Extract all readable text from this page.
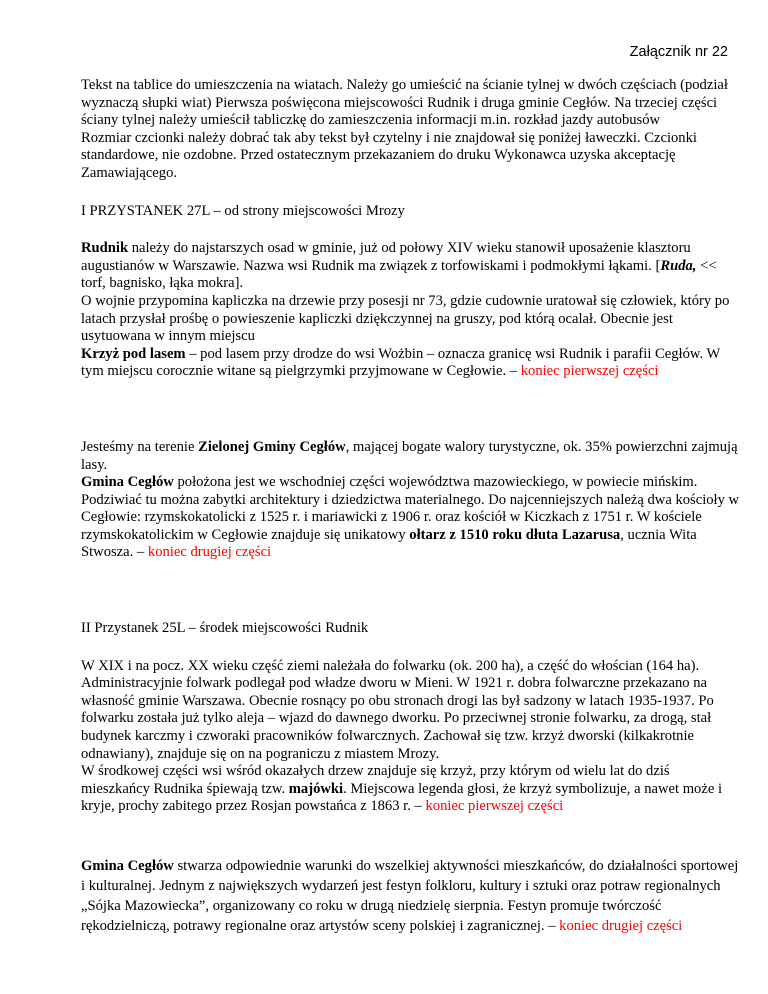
Załącznik nr 22

Tekst na tablice do umieszczenia na wiatach. Należy go umieścić na ścianie tylnej w dwóch częściach (podział wyznaczą słupki wiat) Pierwsza poświęcona miejscowości Rudnik i druga gminie Cegłów. Na trzeciej części ściany tylnej należy umieścił tabliczkę do zamieszczenia informacji m.in. rozkład jazdy autobusów

Rozmiar czcionki należy dobrać tak aby tekst był czytelny i nie znajdował się poniżej ławeczki. Czcionki standardowe, nie ozdobne. Przed ostatecznym przekazaniem do druku Wykonawca uzyska akceptację Zamawiającego.

I PRZYSTANEK 27L – od strony miejscowości Mrozy

Rudnik należy do najstarszych osad w gminie, już od połowy XIV wieku stanowił uposażenie klasztoru augustianów w Warszawie. Nazwa wsi Rudnik ma związek z torfowiskami i podmokłymi łąkami. [Ruda, << torf, bagnisko, łąka mokra].

O wojnie przypomina kapliczka na drzewie przy posesji nr 73, gdzie cudownie uratował się człowiek, który po latach przysłał prośbę o powieszenie kapliczki dziękczynnej na gruszy, pod którą ocalał. Obecnie jest usytuowana w innym miejscu

Krzyż pod lasem – pod lasem przy drodze do wsi Wożbin – oznacza granicę wsi Rudnik i parafii Cegłów. W tym miejscu corocznie witane są pielgrzymki przyjmowane w Cegłowie. – koniec pierwszej części

Jesteśmy na terenie Zielonej Gminy Cegłów, mającej bogate walory turystyczne, ok. 35% powierzchni zajmują lasy.

Gmina Cegłów położona jest we wschodniej części województwa mazowieckiego, w powiecie mińskim. Podziwiać tu można zabytki architektury i dziedzictwa materialnego. Do najcenniejszych należą dwa kościoły w Cegłowie: rzymskokatolicki z 1525 r. i mariawicki z 1906 r. oraz kościół w Kiczkach z 1751 r. W kościele rzymskokatolickim w Cegłowie znajduje się unikatowy ołtarz z 1510 roku dłuta Lazarusa, ucznia Wita Stwosza. – koniec drugiej części

II Przystanek 25L – środek miejscowości Rudnik

W XIX i na pocz. XX wieku część ziemi należała do folwarku (ok. 200 ha), a część do włościan (164 ha). Administracyjnie folwark podlegał pod władze dworu w Mieni. W 1921 r. dobra folwarczne przekazano na własność gminie Warszawa. Obecnie rosnący po obu stronach drogi las był sadzony w latach 1935-1937. Po folwarku została już tylko aleja – wjazd do dawnego dworku. Po przeciwnej stronie folwarku, za drogą, stał budynek karczmy i czworaki pracowników folwarcznych. Zachował się tzw. krzyż dworski (kilkakrotnie odnawiany), znajduje się on na pograniczu z miastem Mrozy.

W środkowej części wsi wśród okazałych drzew znajduje się krzyż, przy którym od wielu lat do dziś mieszkańcy Rudnika śpiewają tzw. majówki. Miejscowa legenda głosi, że krzyż symbolizuje, a nawet może i kryje, prochy zabitego przez Rosjan powstańca z 1863 r. – koniec pierwszej części

Gmina Cegłów stwarza odpowiednie warunki do wszelkiej aktywności mieszkańców, do działalności sportowej i kulturalnej. Jednym z największych wydarzeń jest festyn folkloru, kultury i sztuki oraz potraw regionalnych „Sójka Mazowiecka”, organizowany co roku w drugą niedzielę sierpnia. Festyn promuje twórczość rękodzielniczą, potrawy regionalne oraz artystów sceny polskiej i zagranicznej. – koniec drugiej części
